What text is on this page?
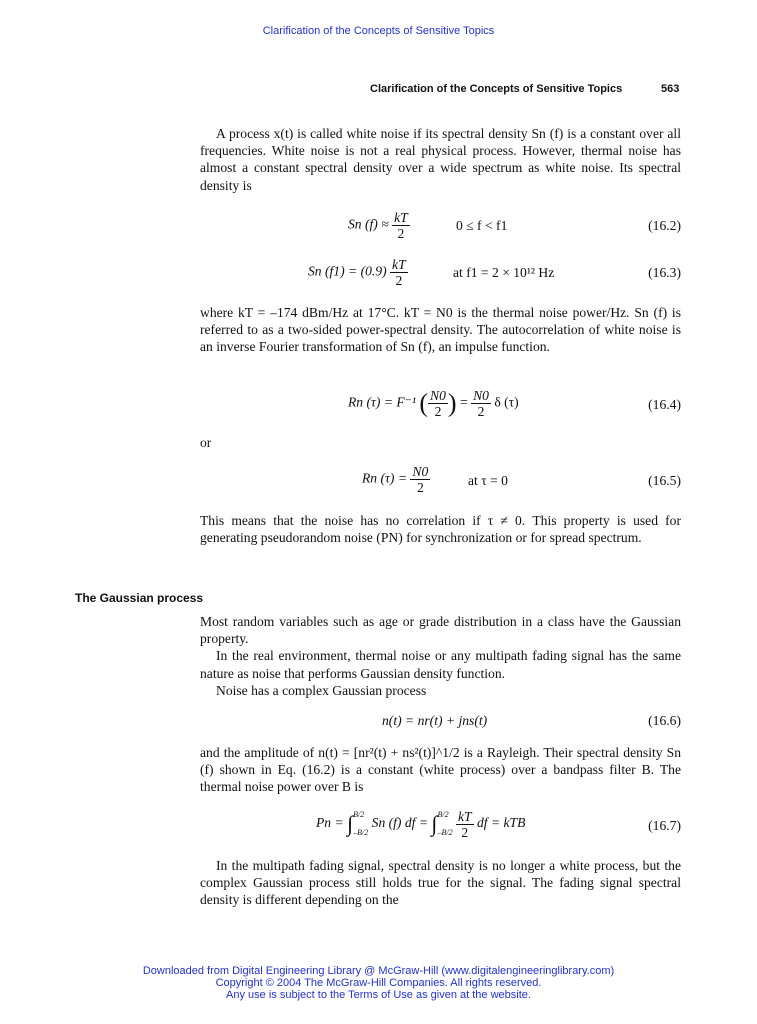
Clarification of the Concepts of Sensitive Topics
Clarification of the Concepts of Sensitive Topics	563

A process x(t) is called white noise if its spectral density Sn (f) is a constant over all frequencies. White noise is not a real physical process. However, thermal noise has almost a constant spectral density over a wide spectrum as white noise. Its spectral density is

Sn $(f) \approx \frac{kT}{2}$	0 ≤ f < f1	(16.2)
Sn $(f1) = (0.9) \frac{kT}{2}$	at f1 = 2 × 10¹² Hz	(16.3)

where kT = –174 dBm/Hz at 17°C. kT = N0 is the thermal noise power/Hz. Sn (f) is referred to as a two-sided power-spectral density. The autocorrelation of white noise is an inverse Fourier transformation of Sn (f), an impulse function.

Rn (τ) = F⁻¹ ( $\frac{N0}{2}$ ) = $\frac{N0}{2}$ δ (τ)	(16.4)
or
Rn $(\tau) = \frac{N0}{2}$	at τ = 0	(16.5)

This means that the noise has no correlation if τ ≠ 0. This property is used for generating pseudorandom noise (PN) for synchronization or for spread spectrum.

The Gaussian process

Most random variables such as age or grade distribution in a class have the Gaussian property.

In the real environment, thermal noise or any multipath fading signal has the same nature as noise that performs Gaussian density function.

Noise has a complex Gaussian process

n(t) = nr(t) + jns(t)	(16.6)

and the amplitude of n(t) = [nr²(t) + ns²(t)]^1/2 is a Rayleigh. Their spectral density Sn (f) shown in Eq. (16.2) is a constant (white process) over a bandpass filter B. The thermal noise power over B is

Pn = ∫ B/2
–B/2
Sn (f) df = ∫ B/2
–B/2
$\frac{kT}{2}$ df = kTB	(16.7)

In the multipath fading signal, spectral density is no longer a white process, but the complex Gaussian process still holds true for the signal. The fading signal spectral density is different depending on the

Downloaded from Digital Engineering Library @ McGraw-Hill (www.digitalengineeringlibrary.com)
Copyright © 2004 The McGraw-Hill Companies. All rights reserved.
Any use is subject to the Terms of Use as given at the website.
